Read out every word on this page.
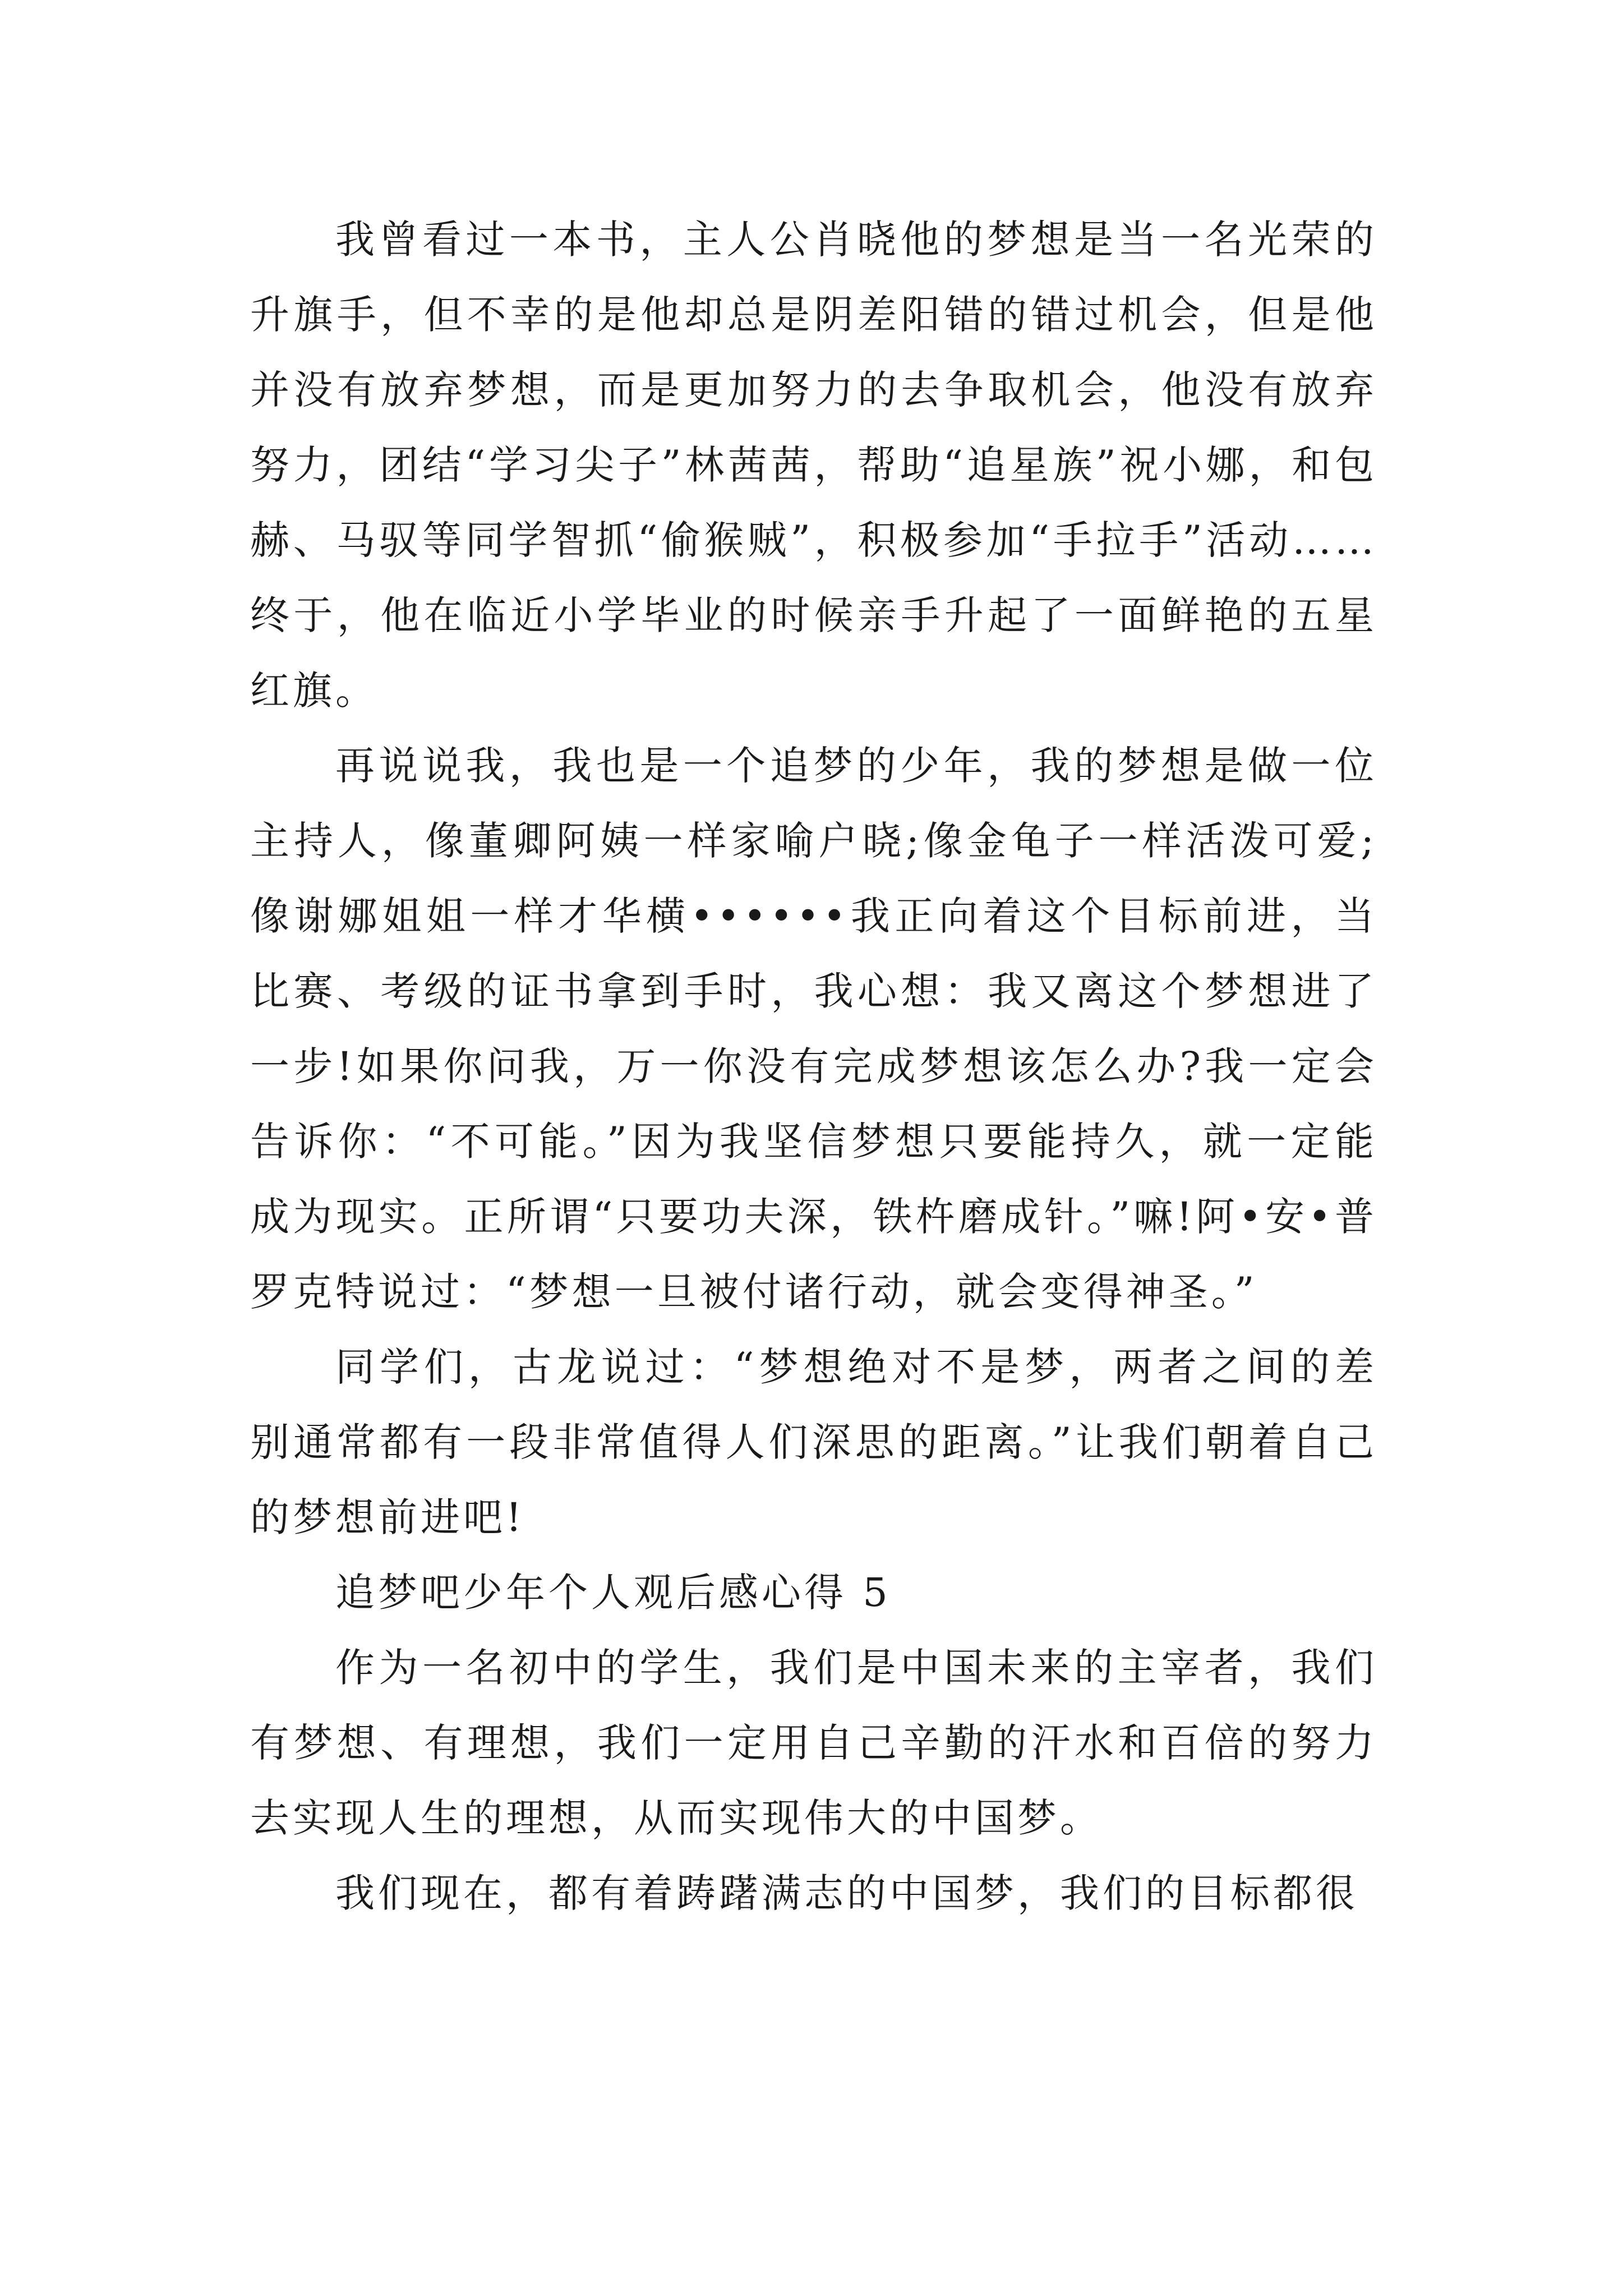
我曾看过一本书，主人公肖晓他的梦想是当一名光荣的升旗手，但不幸的是他却总是阴差阳错的错过机会，但是他并没有放弃梦想，而是更加努力的去争取机会，他没有放弃努力，团结“学习尖子”林茜茜，帮助“追星族”祝小娜，和包赫、马驭等同学智抓“偷猴贼”，积极参加“手拉手”活动……终于，他在临近小学毕业的时候亲手升起了一面鲜艳的五星红旗。

再说说我，我也是一个追梦的少年，我的梦想是做一位主持人，像董卿阿姨一样家喻户晓;像金龟子一样活泼可爱;像谢娜姐姐一样才华横••••••我正向着这个目标前进，当比赛、考级的证书拿到手时，我心想：我又离这个梦想进了一步!如果你问我，万一你没有完成梦想该怎么办?我一定会告诉你：“不可能。”因为我坚信梦想只要能持久，就一定能成为现实。正所谓“只要功夫深，铁杵磨成针。”嘛!阿•安•普罗克特说过：“梦想一旦被付诸行动，就会变得神圣。”

同学们，古龙说过：“梦想绝对不是梦，两者之间的差别通常都有一段非常值得人们深思的距离。”让我们朝着自己的梦想前进吧!

追梦吧少年个人观后感心得 5

作为一名初中的学生，我们是中国未来的主宰者，我们有梦想、有理想，我们一定用自己辛勤的汗水和百倍的努力去实现人生的理想，从而实现伟大的中国梦。

我们现在，都有着踌躇满志的中国梦，我们的目标都很
